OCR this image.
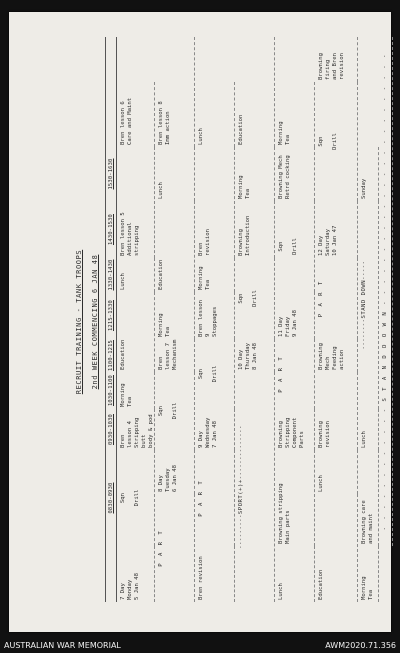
RECRUIT TRAINING - TANK TROOPS 2nd WEEK COMMENCING 6 JAN 48
0830-0930
0930-1030
1030-1100
1100-1215
1215-1330
1330-1430
1430-1530
1530-1630
7 Day
Monday
5 Jan 48
Sqn

Drill
Bren lesson 4
Stripping butt
body & pod
Morning
Tea
Education
Lunch
Bren lesson 5
Additional
stripping
Bren lesson 6
Care and Maint
P A R T
8 Day
Tuesday
6 Jan 48
Sqn

Drill
Bren lesson 7
Mechanism
Morning
Tea
Education
Lunch
Bren lesson 8
Imm action
Bren revision
P A R T
9 Day
Wednesday
7 Jan 48
Sqn

Drill
Bren lesson 9
Stoppages
Morning
Tea
Bren
revision
Lunch
---------SPORT(+)+--------------
10 Day
Thursday
8 Jan 48
Sqn

Drill
Browning
Introduction
Morning
Tea
Education
Lunch
Browning stripping
Main parts
Browning
Stripping
Component
Parts
P A R T
11 Day
Friday
9 Jan 48
Sqn

Drill
Browning Mech
Retrd cocking
Morning
Tea
Education
Lunch
Browning
revision
Browning Mech
Feeding action
P A R T
12 Day
Saturday
10 Jan 47
Sqn

Drill
Browning firing
and Bren
revision
Morning
Tea
Browning care
and maint
Lunch
--------STAND DOWN-----
Sunday	- - - - - - - - - - - - S T A N D D O W N - - - - - - - - - - - - - - - - - - - - - - - -
AUSTRALIAN WAR MEMORIAL	AWM2020.71.356
